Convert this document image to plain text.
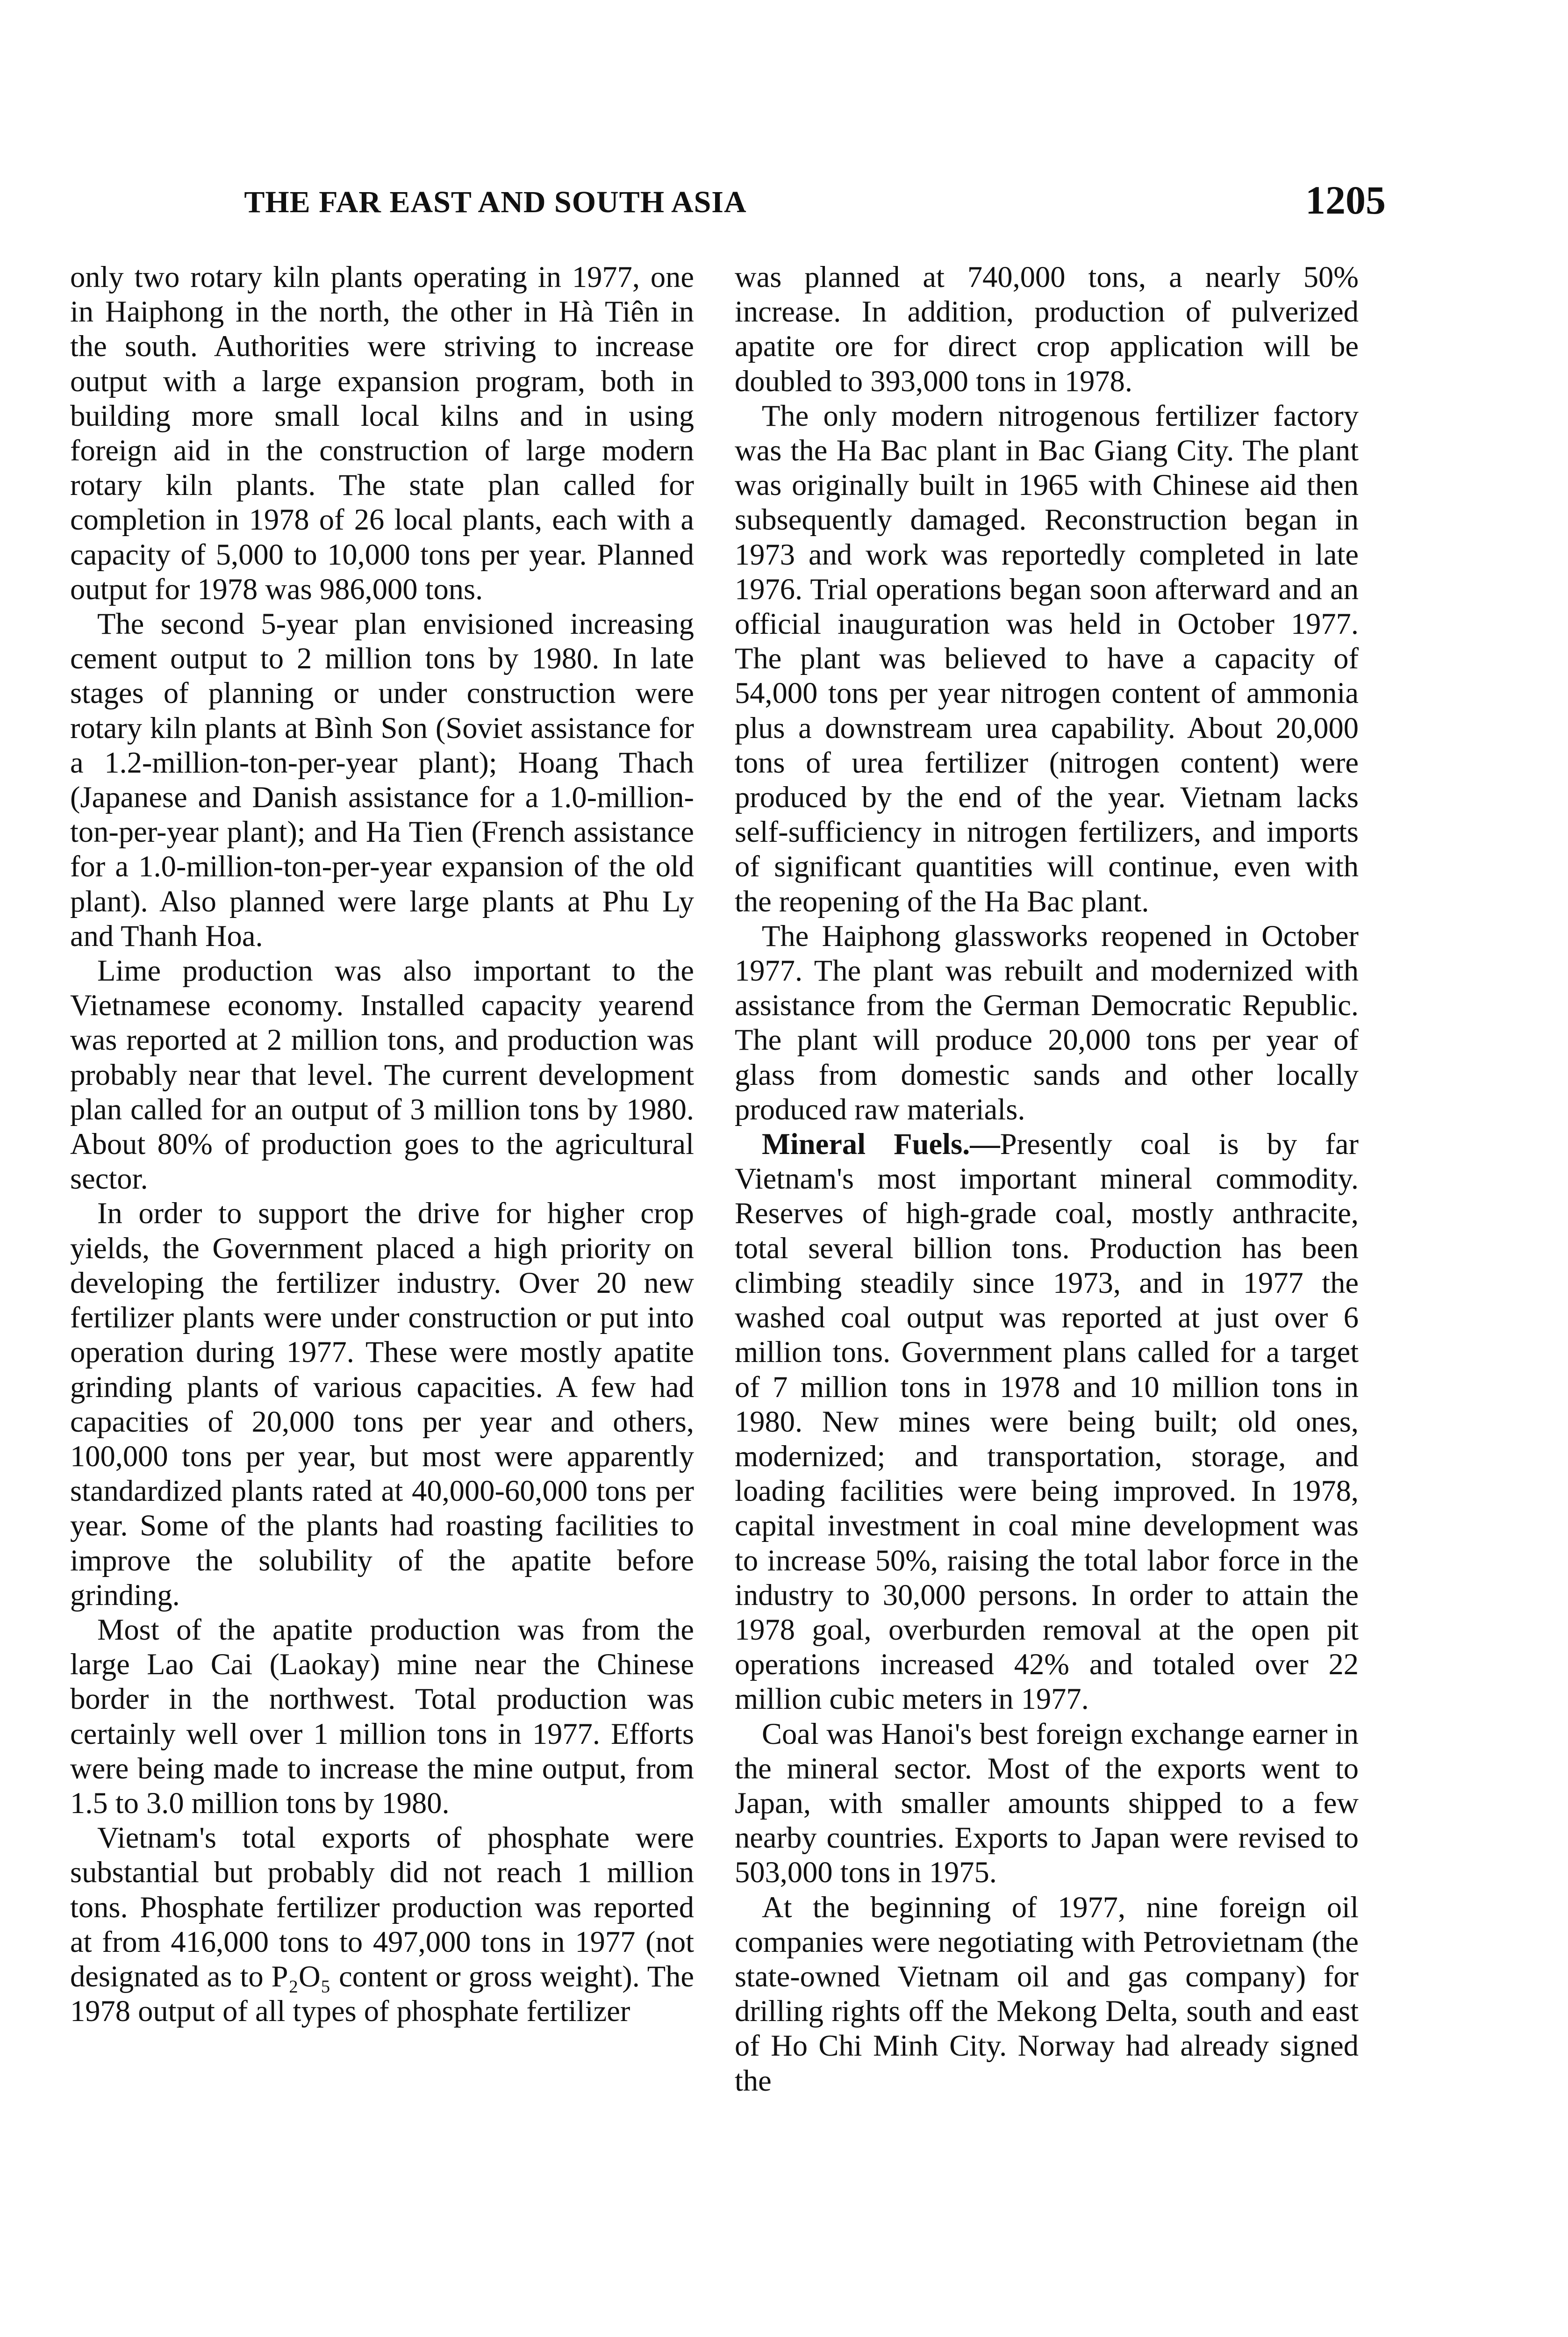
THE FAR EAST AND SOUTH ASIA	1205

only two rotary kiln plants operating in 1977, one in Haiphong in the north, the other in Hà Tiên in the south. Authorities were striving to increase output with a large expansion program, both in building more small local kilns and in using foreign aid in the construction of large modern rotary kiln plants. The state plan called for completion in 1978 of 26 local plants, each with a capacity of 5,000 to 10,000 tons per year. Planned output for 1978 was 986,000 tons.

The second 5-year plan envisioned increasing cement output to 2 million tons by 1980. In late stages of planning or under construction were rotary kiln plants at Bình Son (Soviet assistance for a 1.2-million-ton-per-year plant); Hoang Thach (Japanese and Danish assistance for a 1.0-million-ton-per-year plant); and Ha Tien (French assistance for a 1.0-million-ton-per-year expansion of the old plant). Also planned were large plants at Phu Ly and Thanh Hoa.

Lime production was also important to the Vietnamese economy. Installed capacity yearend was reported at 2 million tons, and production was probably near that level. The current development plan called for an output of 3 million tons by 1980. About 80% of production goes to the agricultural sector.

In order to support the drive for higher crop yields, the Government placed a high priority on developing the fertilizer industry. Over 20 new fertilizer plants were under construction or put into operation during 1977. These were mostly apatite grinding plants of various capacities. A few had capacities of 20,000 tons per year and others, 100,000 tons per year, but most were apparently standardized plants rated at 40,000-60,000 tons per year. Some of the plants had roasting facilities to improve the solubility of the apatite before grinding.

Most of the apatite production was from the large Lao Cai (Laokay) mine near the Chinese border in the northwest. Total production was certainly well over 1 million tons in 1977. Efforts were being made to increase the mine output, from 1.5 to 3.0 million tons by 1980.

Vietnam's total exports of phosphate were substantial but probably did not reach 1 million tons. Phosphate fertilizer production was reported at from 416,000 tons to 497,000 tons in 1977 (not designated as to P₂O₅ content or gross weight). The 1978 output of all types of phosphate fertilizer

was planned at 740,000 tons, a nearly 50% increase. In addition, production of pulverized apatite ore for direct crop application will be doubled to 393,000 tons in 1978.

The only modern nitrogenous fertilizer factory was the Ha Bac plant in Bac Giang City. The plant was originally built in 1965 with Chinese aid then subsequently damaged. Reconstruction began in 1973 and work was reportedly completed in late 1976. Trial operations began soon afterward and an official inauguration was held in October 1977. The plant was believed to have a capacity of 54,000 tons per year nitrogen content of ammonia plus a downstream urea capability. About 20,000 tons of urea fertilizer (nitrogen content) were produced by the end of the year. Vietnam lacks self-sufficiency in nitrogen fertilizers, and imports of significant quantities will continue, even with the reopening of the Ha Bac plant.

The Haiphong glassworks reopened in October 1977. The plant was rebuilt and modernized with assistance from the German Democratic Republic. The plant will produce 20,000 tons per year of glass from domestic sands and other locally produced raw materials.

Mineral Fuels.—Presently coal is by far Vietnam's most important mineral commodity. Reserves of high-grade coal, mostly anthracite, total several billion tons. Production has been climbing steadily since 1973, and in 1977 the washed coal output was reported at just over 6 million tons. Government plans called for a target of 7 million tons in 1978 and 10 million tons in 1980. New mines were being built; old ones, modernized; and transportation, storage, and loading facilities were being improved. In 1978, capital investment in coal mine development was to increase 50%, raising the total labor force in the industry to 30,000 persons. In order to attain the 1978 goal, overburden removal at the open pit operations increased 42% and totaled over 22 million cubic meters in 1977.

Coal was Hanoi's best foreign exchange earner in the mineral sector. Most of the exports went to Japan, with smaller amounts shipped to a few nearby countries. Exports to Japan were revised to 503,000 tons in 1975.

At the beginning of 1977, nine foreign oil companies were negotiating with Petrovietnam (the state-owned Vietnam oil and gas company) for drilling rights off the Mekong Delta, south and east of Ho Chi Minh City. Norway had already signed the
